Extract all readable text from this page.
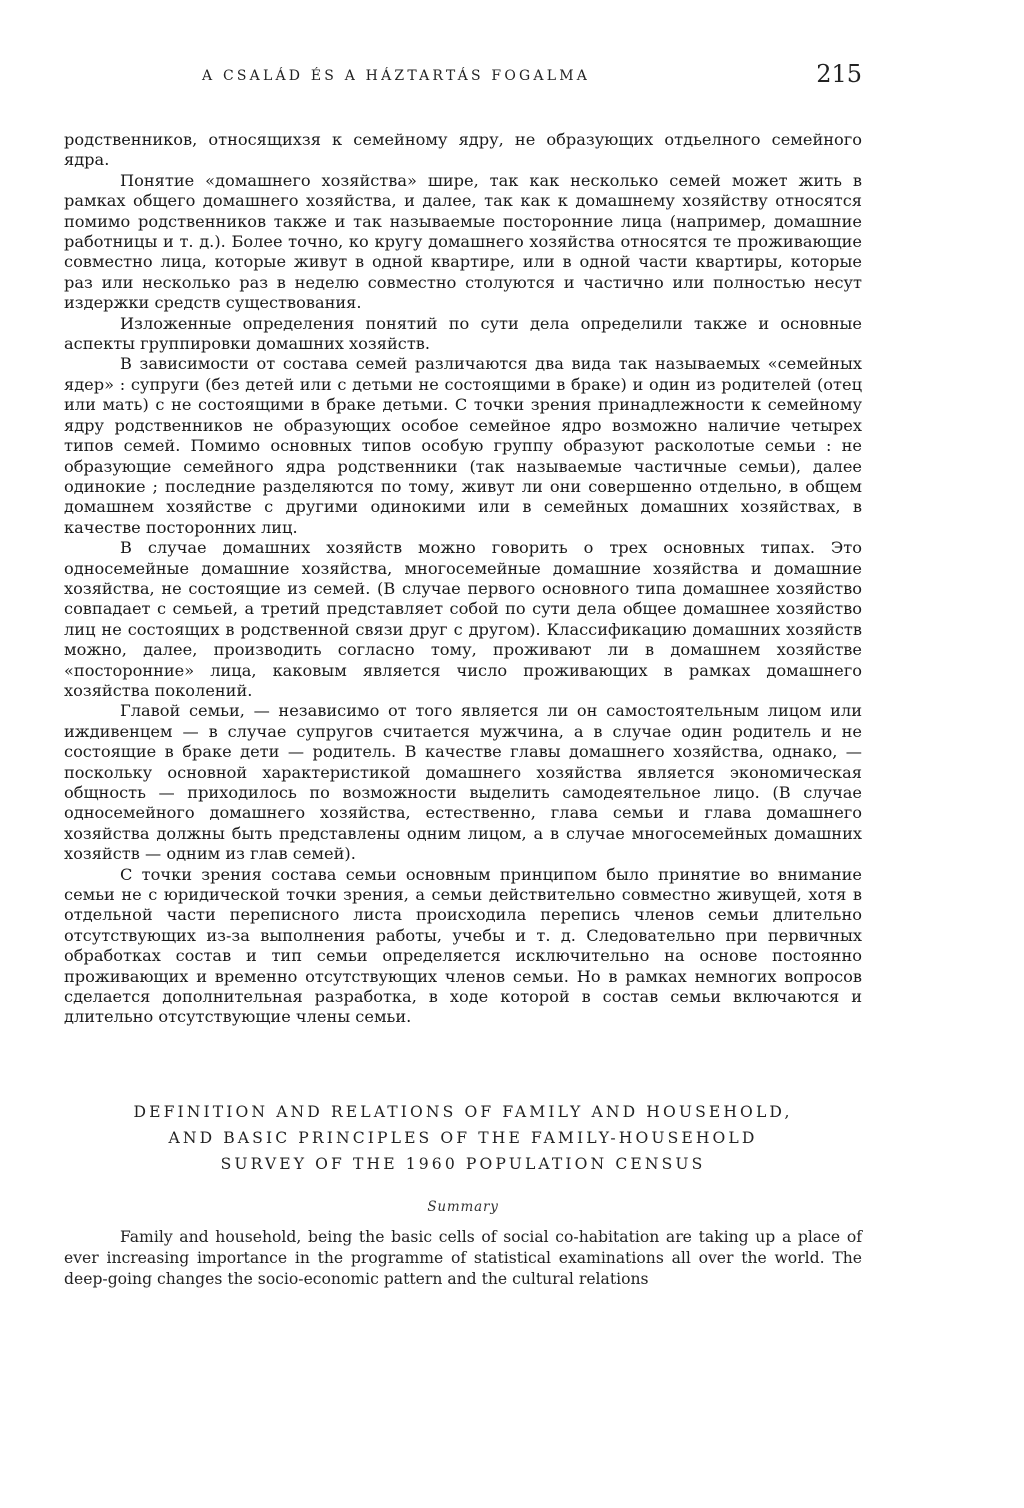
A CSALÁD ÉS A HÁZTARTÁS FOGALMA	215

родственников, относящихзя к семейному ядру, не образующих отдьелного семейного ядра.

Понятие «домашнего хозяйства» шире, так как несколько семей может жить в рамках общего домашнего хозяйства, и далее, так как к домашнему хозяйству относятся помимо родственников также и так называемые посторонние лица (например, домашние работницы и т. д.). Более точно, ко кругу домашнего хозяйства относятся те проживающие совместно лица, которые живут в одной квартире, или в одной части квартиры, которые раз или несколько раз в неделю совместно столуются и частично или полностью несут издержки средств существования.

Изложенные определения понятий по сути дела определили также и основные аспекты группировки домашних хозяйств.

В зависимости от состава семей различаются два вида так называемых «семейных ядер» : супруги (без детей или с детьми не состоящими в браке) и один из родителей (отец или мать) с не состоящими в браке детьми. С точки зрения принадлежности к семейному ядру родственников не образующих особое семейное ядро возможно наличие четырех типов семей. Помимо основных типов особую группу образуют расколотые семьи : не образующие семейного ядра родственники (так называемые частичные семьи), далее одинокие ; последние разделяются по тому, живут ли они совершенно отдельно, в общем домашнем хозяйстве с другими одинокими или в семейных домашних хозяйствах, в качестве посторонних лиц.

В случае домашних хозяйств можно говорить о трех основных типах. Это односемейные домашние хозяйства, многосемейные домашние хозяйства и домашние хозяйства, не состоящие из семей. (В случае первого основного типа домашнее хозяйство совпадает с семьей, а третий представляет собой по сути дела общее домашнее хозяйство лиц не состоящих в родственной связи друг с другом). Классификацию домашних хозяйств можно, далее, производить согласно тому, проживают ли в домашнем хозяйстве «посторонние» лица, каковым является число проживающих в рамках домашнего хозяйства поколений.

Главой семьи, — независимо от того является ли он самостоятельным лицом или иждивенцем — в случае супругов считается мужчина, а в случае один родитель и не состоящие в браке дети — родитель. В качестве главы домашнего хозяйства, однако, — поскольку основной характеристикой домашнего хозяйства является экономическая общность — приходилось по возможности выделить самодеятельное лицо. (В случае односемейного домашнего хозяйства, естественно, глава семьи и глава домашнего хозяйства должны быть представлены одним лицом, а в случае многосемейных домашних хозяйств — одним из глав семей).

С точки зрения состава семьи основным принципом было принятие во внимание семьи не с юридической точки зрения, а семьи действительно совместно живущей, хотя в отдельной части переписного листа происходила перепись членов семьи длительно отсутствующих из-за выполнения работы, учебы и т. д. Следовательно при первичных обработках состав и тип семьи определяется исключительно на основе постоянно проживающих и временно отсутствующих членов семьи. Но в рамках немногих вопросов сделается дополнительная разработка, в ходе которой в состав семьи включаются и длительно отсутствующие члены семьи.

DEFINITION AND RELATIONS OF FAMILY AND HOUSEHOLD,
AND BASIC PRINCIPLES OF THE FAMILY-HOUSEHOLD
SURVEY OF THE 1960 POPULATION CENSUS
Summary

Family and household, being the basic cells of social co-habitation are taking up a place of ever increasing importance in the programme of statistical examinations all over the world. The deep-going changes the socio-economic pattern and the cultural relations
